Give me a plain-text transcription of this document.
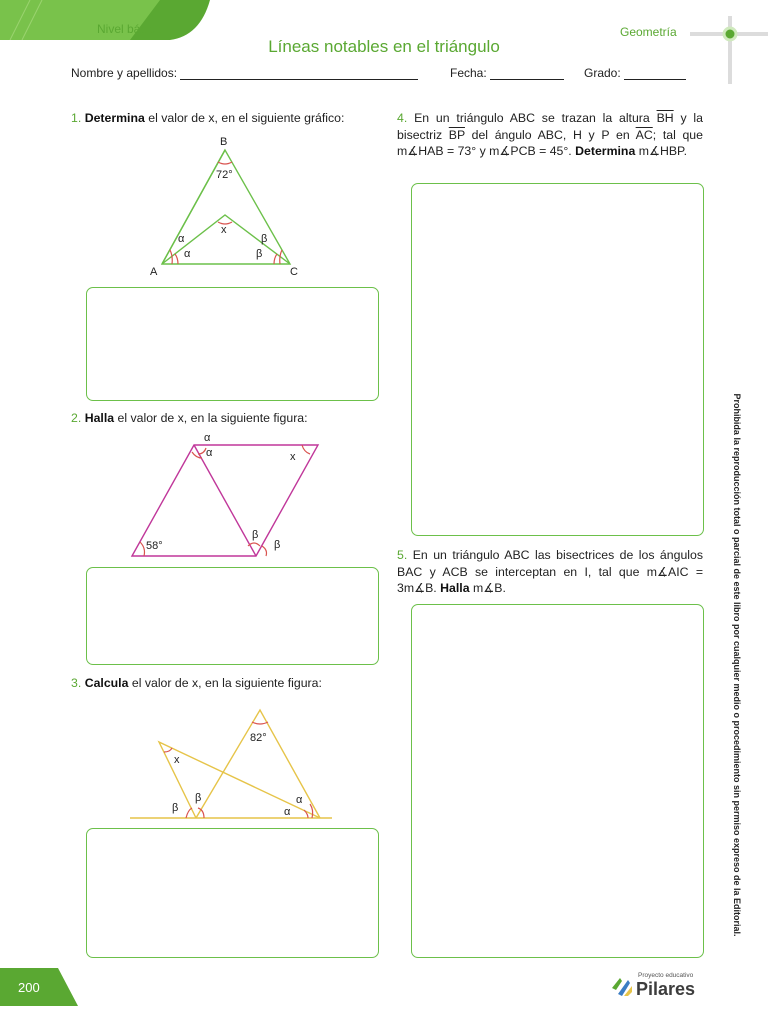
Nivel básico	Geometría
Líneas notables en el triángulo
Nombre y apellidos:	Fecha:	Grado:
1. Determina el valor de x, en el siguiente gráfico:
B
A	C
72°
x
α
α
β
β
2. Halla el valor de x, en la siguiente figura:
58°
α
α	x
β
β
3. Calcula el valor de x, en la siguiente figura:
82°
x
β
β
α
α
4. En un triángulo ABC se trazan la altura $\overline{BH}$ y la bisectriz $\overline{BP}$ del ángulo ABC, H y P en $\overline{AC}$; tal que m∡HAB = 73° y m∡PCB = 45°. Determina m∡HBP.
5. En un triángulo ABC las bisectrices de los ángulos BAC y ACB se interceptan en I, tal que m∡AIC = 3m∡B. Halla m∡B.	Prohibida la reproducción total o parcial de este libro por cualquier medio o procedimiento sin permiso expreso de la Editorial.
200
Proyecto educativo
Pilares
